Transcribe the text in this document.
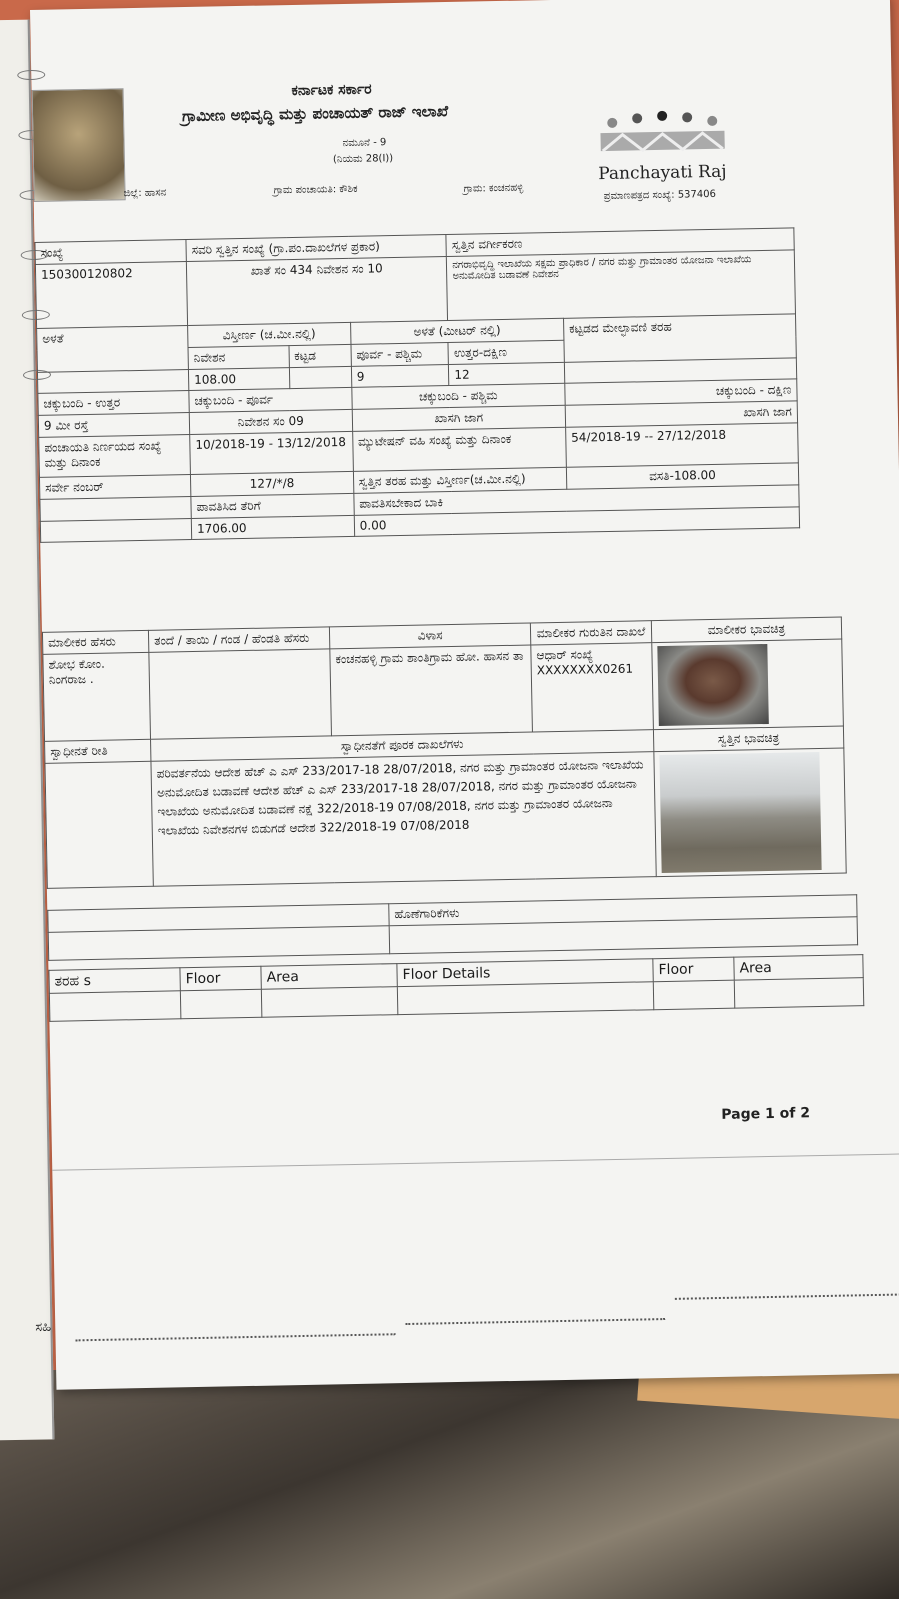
ಕರ್ನಾಟಕ ಸರ್ಕಾರ
ಗ್ರಾಮೀಣ ಅಭಿವೃದ್ಧಿ ಮತ್ತು ಪಂಚಾಯತ್ ರಾಜ್ ಇಲಾಖೆ
ನಮೂನೆ - 9
(ನಿಯಮ 28(I))
ಜಿಲ್ಲೆ: ಹಾಸನ	ಗ್ರಾಮ ಪಂಚಾಯತಿ: ಕೌಶಿಕ	ಗ್ರಾಮ: ಕಂಚನಹಳ್ಳಿ
Panchayati Raj
ಪ್ರಮಾಣಪತ್ರದ ಸಂಖ್ಯೆ: 537406
ಸಂಖ್ಯೆ	ಸವರಿ ಸ್ವತ್ತಿನ ಸಂಖ್ಯೆ (ಗ್ರಾ.ಪಂ.ದಾಖಲೆಗಳ ಪ್ರಕಾರ)			ಸ್ವತ್ತಿನ ವರ್ಗೀಕರಣ	
150300120802	ಖಾತೆ ಸಂ 434 ನಿವೇಶನ ಸಂ 10			ನಗರಾಭಿವೃದ್ಧಿ ಇಲಾಖೆಯ ಸಕ್ಷಮ ಪ್ರಾಧಿಕಾರ / ನಗರ ಮತ್ತು ಗ್ರಾಮಾಂತರ ಯೋಜನಾ ಇಲಾಖೆಯ ಅನುಮೋದಿತ ಬಡಾವಣೆ ನಿವೇಶನ	
ಅಳತೆ	ವಿಸ್ತೀರ್ಣ (ಚ.ಮೀ.ನಲ್ಲಿ)		ಅಳತೆ (ಮೀಟರ್ ನಲ್ಲಿ)		ಕಟ್ಟಡದ ಮೇಲ್ಛಾವಣಿ ತರಹ
	ನಿವೇಶನ	ಕಟ್ಟಡ	ಪೂರ್ವ - ಪಶ್ಚಿಮ	ಉತ್ತರ-ದಕ್ಷಿಣ	
	108.00		9	12	
ಚಕ್ಕುಬಂದಿ - ಉತ್ತರ	ಚಕ್ಕುಬಂದಿ - ಪೂರ್ವ		ಚಕ್ಕುಬಂದಿ - ಪಶ್ಚಿಮ		ಚಕ್ಕುಬಂದಿ - ದಕ್ಷಿಣ
9 ಮೀ ರಸ್ತೆ	ನಿವೇಶನ ಸಂ 09		ಖಾಸಗಿ ಜಾಗ		ಖಾಸಗಿ ಜಾಗ
ಪಂಚಾಯತಿ ನಿರ್ಣಯದ ಸಂಖ್ಯೆ ಮತ್ತು ದಿನಾಂಕ	10/2018-19 - 13/12/2018		ಮ್ಯುಟೇಷನ್ ವಹಿ ಸಂಖ್ಯೆ ಮತ್ತು ದಿನಾಂಕ		54/2018-19 -- 27/12/2018
ಸರ್ವೇ ನಂಬರ್	127/*/8		ಸ್ವತ್ತಿನ ತರಹ ಮತ್ತು ವಿಸ್ತೀರ್ಣ(ಚ.ಮೀ.ನಲ್ಲಿ)		ವಸತಿ-108.00
	ಪಾವತಿಸಿದ ತೆರಿಗೆ		ಪಾವತಿಸಬೇಕಾದ ಬಾಕಿ		
	1706.00		0.00		
ಮಾಲೀಕರ ಹೆಸರು	ತಂದೆ / ತಾಯಿ / ಗಂಡ / ಹೆಂಡತಿ ಹೆಸರು	ವಿಳಾಸ	ಮಾಲೀಕರ ಗುರುತಿನ ದಾಖಲೆ	ಮಾಲೀಕರ ಭಾವಚಿತ್ರ
ಶೋಭ ಕೋಂ. ನಿಂಗರಾಜ .		ಕಂಚನಹಳ್ಳಿ ಗ್ರಾಮ ಶಾಂತಿಗ್ರಾಮ ಹೋ. ಹಾಸನ ತಾ	ಆಧಾರ್ ಸಂಖ್ಯೆ XXXXXXXX0261	

ಸ್ವಾಧೀನತೆ ರೀತಿ	ಸ್ವಾಧೀನತೆಗೆ ಪೂರಕ ದಾಖಲೆಗಳು			ಸ್ವತ್ತಿನ ಭಾವಚಿತ್ರ
	ಪರಿವರ್ತನೆಯ ಆದೇಶ ಹೆಚ್ ಎ ಎಸ್ 233/2017-18 28/07/2018, ನಗರ ಮತ್ತು ಗ್ರಾಮಾಂತರ ಯೋಜನಾ ಇಲಾಖೆಯ ಅನುಮೋದಿತ ಬಡಾವಣೆ ಆದೇಶ ಹೆಚ್ ಎ ಎಸ್ 233/2017-18 28/07/2018, ನಗರ ಮತ್ತು ಗ್ರಾಮಾಂತರ ಯೋಜನಾ ಇಲಾಖೆಯ ಅನುಮೋದಿತ ಬಡಾವಣೆ ನಕ್ಷೆ 322/2018-19 07/08/2018, ನಗರ ಮತ್ತು ಗ್ರಾಮಾಂತರ ಯೋಜನಾ ಇಲಾಖೆಯ ನಿವೇಶನಗಳ ಬಿಡುಗಡೆ ಆದೇಶ 322/2018-19 07/08/2018			
	ಹೊಣೆಗಾರಿಕೆಗಳು

ತರಹ s	Floor	Area	Floor Details	Floor	Area

Page 1 of 2
ಸಹಿ
